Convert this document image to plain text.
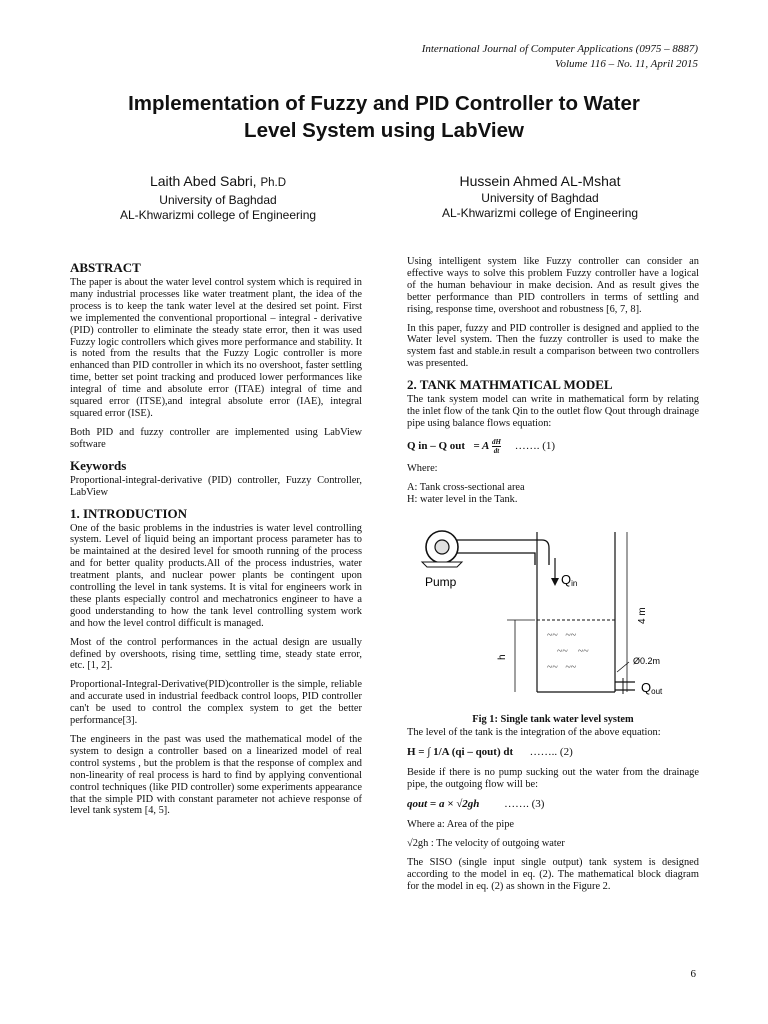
International Journal of Computer Applications (0975 – 8887)
Volume 116 – No. 11, April 2015
Implementation of Fuzzy and PID Controller to Water
Level System using LabView
Laith Abed Sabri, Ph.D
University of Baghdad
AL-Khwarizmi college of Engineering
Hussein Ahmed AL-Mshat
University of Baghdad
AL-Khwarizmi college of Engineering
ABSTRACT

The paper is about the water level control system which is required in many industrial processes like water treatment plant, the idea of the process is to keep the tank water level at the desired set point. First we implemented the conventional proportional – integral - derivative (PID) controller to eliminate the steady state error, then it was used Fuzzy logic controllers which gives more performance and stability. It is noted from the results that the Fuzzy Logic controller is more enhanced than PID controller in which its no overshoot, faster settling time, better set point tracking and produced lower performances like integral of time and absolute error (ITAE) integral of time and squared error (ITSE),and integral absolute error (IAE), integral squared error (ISE).

Both PID and fuzzy controller are implemented using LabView software

Keywords

Proportional-integral-derivative (PID) controller, Fuzzy Controller, LabView

1. INTRODUCTION

One of the basic problems in the industries is water level controlling system. Level of liquid being an important process parameter has to be maintained at the desired level for smooth running of the process and for better quality products.All of the process industries, water treatment plants, and nuclear power plants be contingent upon controlling the level in tank systems. It is vital for engineers work in these plants especially control and mechatronics engineer to have a good understanding to how the tank level controlling system work and how the level control difficult is managed.

Most of the control performances in the actual design are usually defined by overshoots, rising time, settling time, steady state error, etc. [1, 2].

Proportional-Integral-Derivative(PID)controller is the simple, reliable and accurate used in industrial feedback control loops, PID controller can't be used to control the complex system to get the better performance[3].

The engineers in the past was used the mathematical model of the system to design a controller based on a linearized model of real control systems , but the problem is that the response of complex and non-linearity of real process is hard to find by applying conventional control techniques (like PID controller) some experiments appearance that the simple PID with constant parameter not achieve response of level tank system [4, 5].

Using intelligent system like Fuzzy controller can consider an effective ways to solve this problem Fuzzy controller have a logical of the human behaviour in make decision. And as result gives the better performance than PID controllers in terms of settling and rising, response time, overshoot and robustness [6, 7, 8].

In this paper, fuzzy and PID controller is designed and applied to the Water level system. Then the fuzzy controller is used to make the system fast and stable.in result a comparison between two controllers was presented.

2. TANK MATHMATICAL MODEL

The tank system model can write in mathematical form by relating the inlet flow of the tank Qin to the outlet flow Qout through drainage pipe using balance flows equation:

Q in – Q out = A $\frac{dH}{dt}$ ……. (1)

Where:

A: Tank cross-sectional area
H: water level in the Tank.
Pump	Qin
~~   ~~
~~    ~~
~~   ~~
h
4 m
Ø0.2m
Qout
Fig 1: Single tank water level system

The level of the tank is the integration of the above equation:

H = ∫ 1/A (qi – qout) dt …….. (2)

Beside if there is no pump sucking out the water from the drainage pipe, the outgoing flow will be:

qout = a × √2gh ……. (3)

Where a: Area of the pipe

√2gh : The velocity of outgoing water

The SISO (single input single output) tank system is designed according to the model in eq. (2). The mathematical block diagram for the model in eq. (2) as shown in the Figure 2.

6
